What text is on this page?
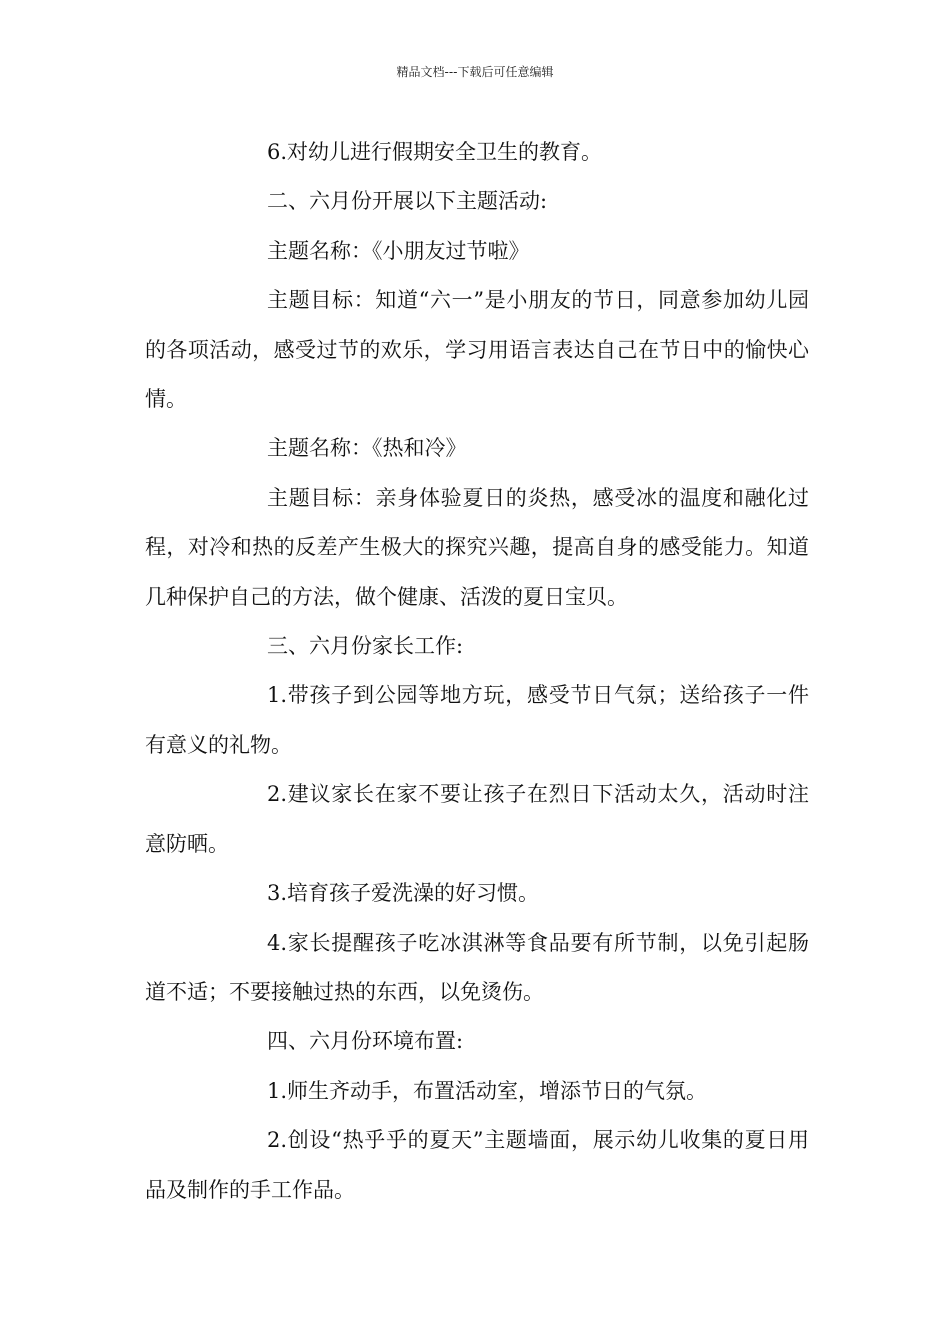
精品文档---下载后可任意编辑

6.对幼儿进行假期安全卫生的教育。

二、六月份开展以下主题活动:

主题名称：《小朋友过节啦》

主题目标：知道“六一”是小朋友的节日，同意参加幼儿园的各项活动，感受过节的欢乐，学习用语言表达自己在节日中的愉快心情。

主题名称：《热和冷》

主题目标：亲身体验夏日的炎热，感受冰的温度和融化过程，对冷和热的反差产生极大的探究兴趣，提高自身的感受能力。知道几种保护自己的方法，做个健康、活泼的夏日宝贝。

三、六月份家长工作:

1.带孩子到公园等地方玩，感受节日气氛；送给孩子一件有意义的礼物。

2.建议家长在家不要让孩子在烈日下活动太久，活动时注意防晒。

3.培育孩子爱洗澡的好习惯。

4.家长提醒孩子吃冰淇淋等食品要有所节制，以免引起肠道不适；不要接触过热的东西，以免烫伤。

四、六月份环境布置:

1.师生齐动手，布置活动室，增添节日的气氛。

2.创设“热乎乎的夏天”主题墙面，展示幼儿收集的夏日用品及制作的手工作品。
